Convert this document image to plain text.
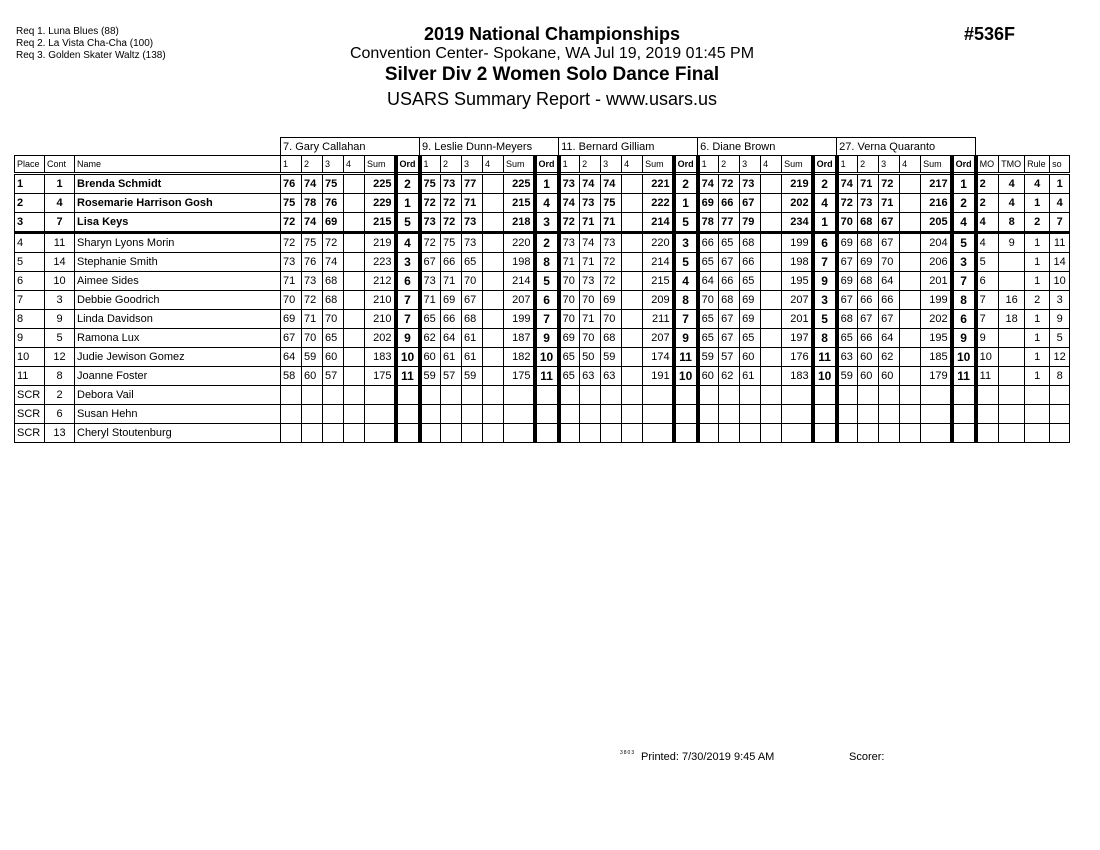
Req 1. Luna Blues (88)
Req 2. La Vista Cha-Cha (100)
Req 3. Golden Skater Waltz (138)
2019 National Championships
Convention Center- Spokane, WA Jul 19, 2019 01:45 PM
Silver Div 2 Women Solo Dance Final
USARS Summary Report - www.usars.us
#536F
			7. Gary Callahan						9. Leslie Dunn-Meyers						11. Bernard Gilliam						6. Diane Brown						27. Verna Quaranto									
Place	Cont	Name	1	2	3	4	Sum	Ord	1	2	3	4	Sum	Ord	1	2	3	4	Sum	Ord	1	2	3	4	Sum	Ord	1	2	3	4	Sum	Ord	MO	TMO	Rule	so
1	1	Brenda Schmidt	76	74	75		225	2	75	73	77		225	1	73	74	74		221	2	74	72	73		219	2	74	71	72		217	1	2	4	4	1
2	4	Rosemarie Harrison Gosh	75	78	76		229	1	72	72	71		215	4	74	73	75		222	1	69	66	67		202	4	72	73	71		216	2	2	4	1	4
3	7	Lisa Keys	72	74	69		215	5	73	72	73		218	3	72	71	71		214	5	78	77	79		234	1	70	68	67		205	4	4	8	2	7
4	11	Sharyn Lyons Morin	72	75	72		219	4	72	75	73		220	2	73	74	73		220	3	66	65	68		199	6	69	68	67		204	5	4	9	1	11
5	14	Stephanie Smith	73	76	74		223	3	67	66	65		198	8	71	71	72		214	5	65	67	66		198	7	67	69	70		206	3	5		1	14
6	10	Aimee Sides	71	73	68		212	6	73	71	70		214	5	70	73	72		215	4	64	66	65		195	9	69	68	64		201	7	6		1	10
7	3	Debbie Goodrich	70	72	68		210	7	71	69	67		207	6	70	70	69		209	8	70	68	69		207	3	67	66	66		199	8	7	16	2	3
8	9	Linda Davidson	69	71	70		210	7	65	66	68		199	7	70	71	70		211	7	65	67	69		201	5	68	67	67		202	6	7	18	1	9
9	5	Ramona Lux	67	70	65		202	9	62	64	61		187	9	69	70	68		207	9	65	67	65		197	8	65	66	64		195	9	9		1	5
10	12	Judie Jewison Gomez	64	59	60		183	10	60	61	61		182	10	65	50	59		174	11	59	57	60		176	11	63	60	62		185	10	10		1	12
11	8	Joanne Foster	58	60	57		175	11	59	57	59		175	11	65	63	63		191	10	60	62	61		183	10	59	60	60		179	11	11		1	8
SCR	2	Debora Vail																																		
SCR	6	Susan Hehn																																		
SCR	13	Cheryl Stoutenburg																																		
3803 Printed: 7/30/2019 9:45 AM	Scorer:
